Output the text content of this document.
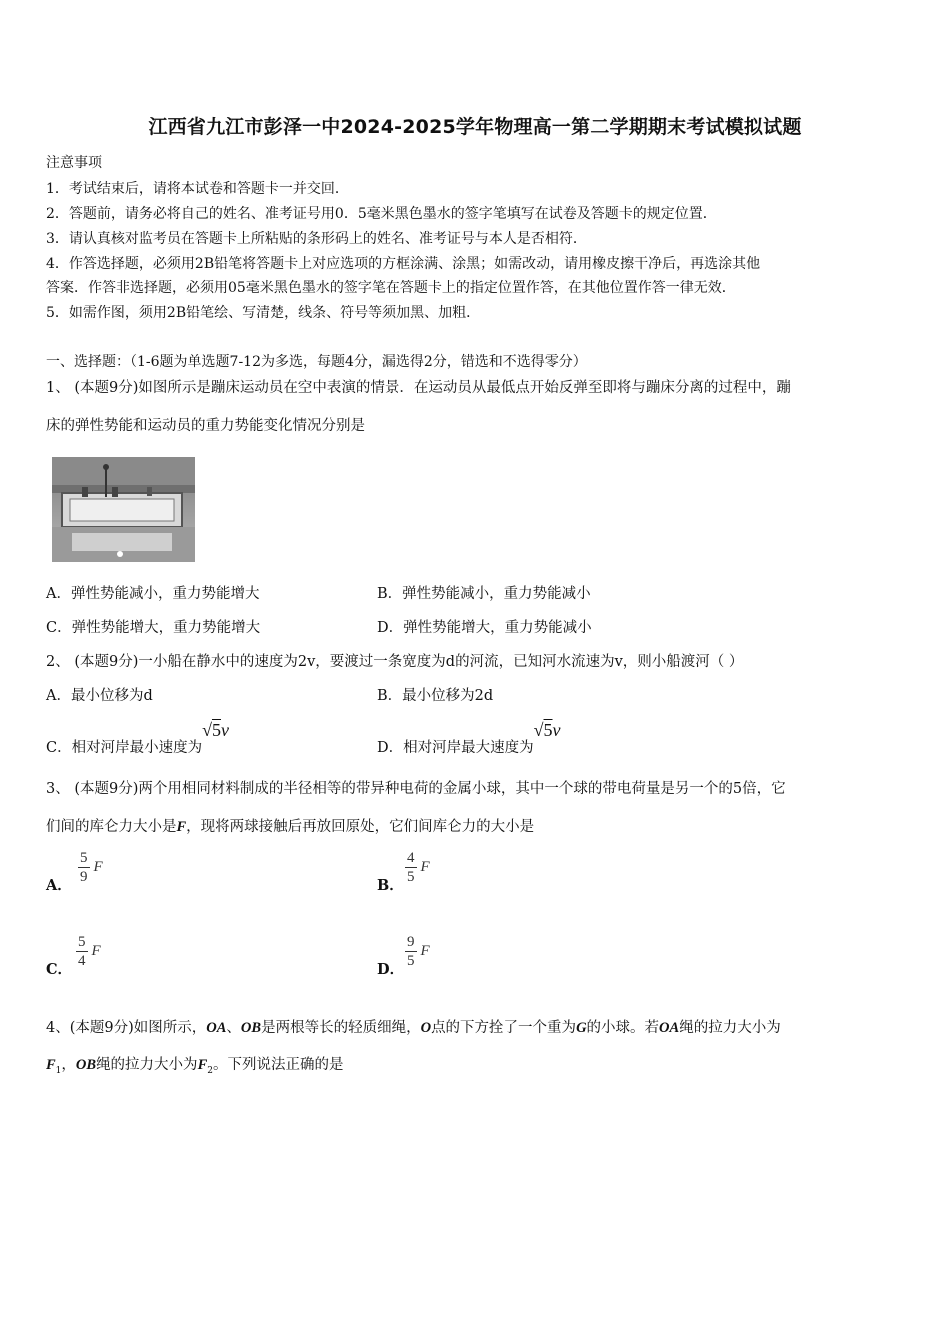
江西省九江市彭泽一中2024-2025学年物理高一第二学期期末考试模拟试题
注意事项
1．考试结束后，请将本试卷和答题卡一并交回．
2．答题前，请务必将自己的姓名、准考证号用0．5毫米黑色墨水的签字笔填写在试卷及答题卡的规定位置．
3．请认真核对监考员在答题卡上所粘贴的条形码上的姓名、准考证号与本人是否相符．
4．作答选择题，必须用2B铅笔将答题卡上对应选项的方框涂满、涂黑；如需改动，请用橡皮擦干净后，再选涂其他
答案．作答非选择题，必须用05毫米黑色墨水的签字笔在答题卡上的指定位置作答，在其他位置作答一律无效．
5．如需作图，须用2B铅笔绘、写清楚，线条、符号等须加黑、加粗．
一、选择题：（1-6题为单选题7-12为多选，每题4分，漏选得2分，错选和不选得零分）
1、 (本题9分)如图所示是蹦床运动员在空中表演的情景．在运动员从最低点开始反弹至即将与蹦床分离的过程中，蹦
床的弹性势能和运动员的重力势能变化情况分别是
A．弹性势能减小，重力势能增大	B．弹性势能减小，重力势能减小
C．弹性势能增大，重力势能增大	D．弹性势能增大，重力势能减小
2、 (本题9分)一小船在静水中的速度为2v，要渡过一条宽度为d的河流，已知河水流速为v，则小船渡河（ ）
A．最小位移为d	B．最小位移为2d
C．相对河岸最小速度为√5v
D．相对河岸最大速度为√5v
3、 (本题9分)两个用相同材料制成的半径相等的带异种电荷的金属小球，其中一个球的带电荷量是另一个的5倍，它
们间的库仑力大小是F，现将两球接触后再放回原处，它们间库仑力的大小是
A．
$\frac{5}{9}$ F
B．
$\frac{4}{5}$ F
C．
$\frac{5}{4}$ F
D．
$\frac{9}{5}$ F
4、(本题9分)如图所示，OA、OB是两根等长的轻质细绳，O点的下方拴了一个重为G的小球。若OA绳的拉力大小为
$F_1$，OB绳的拉力大小为$F_2$。下列说法正确的是
